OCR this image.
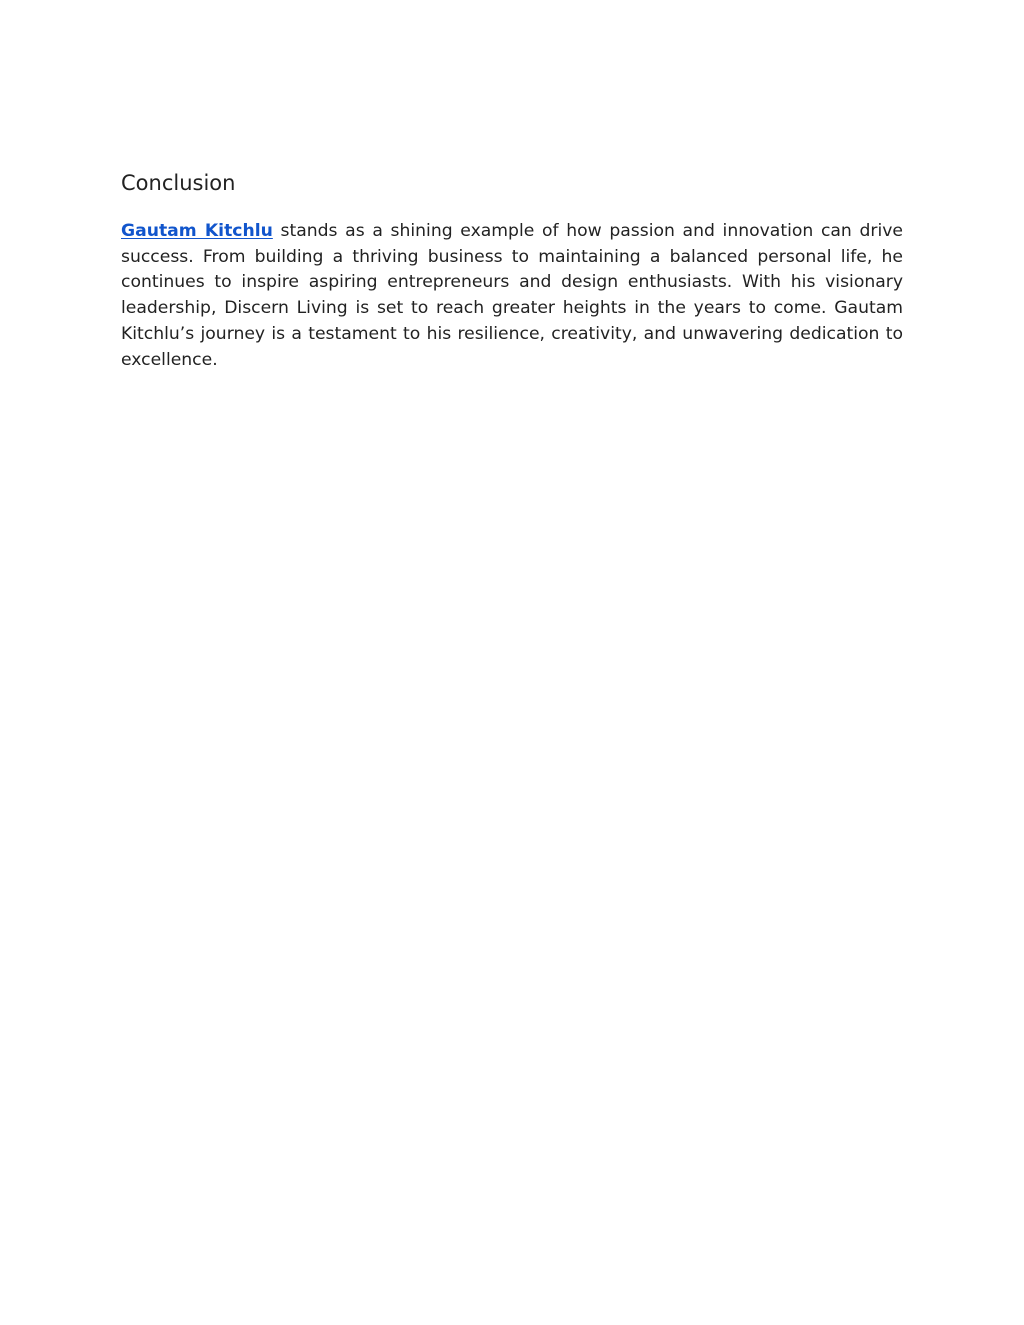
Conclusion

Gautam Kitchlu stands as a shining example of how passion and innovation can drive success. From building a thriving business to maintaining a balanced personal life, he continues to inspire aspiring entrepreneurs and design enthusiasts. With his visionary leadership, Discern Living is set to reach greater heights in the years to come. Gautam Kitchlu’s journey is a testament to his resilience, creativity, and unwavering dedication to excellence.
